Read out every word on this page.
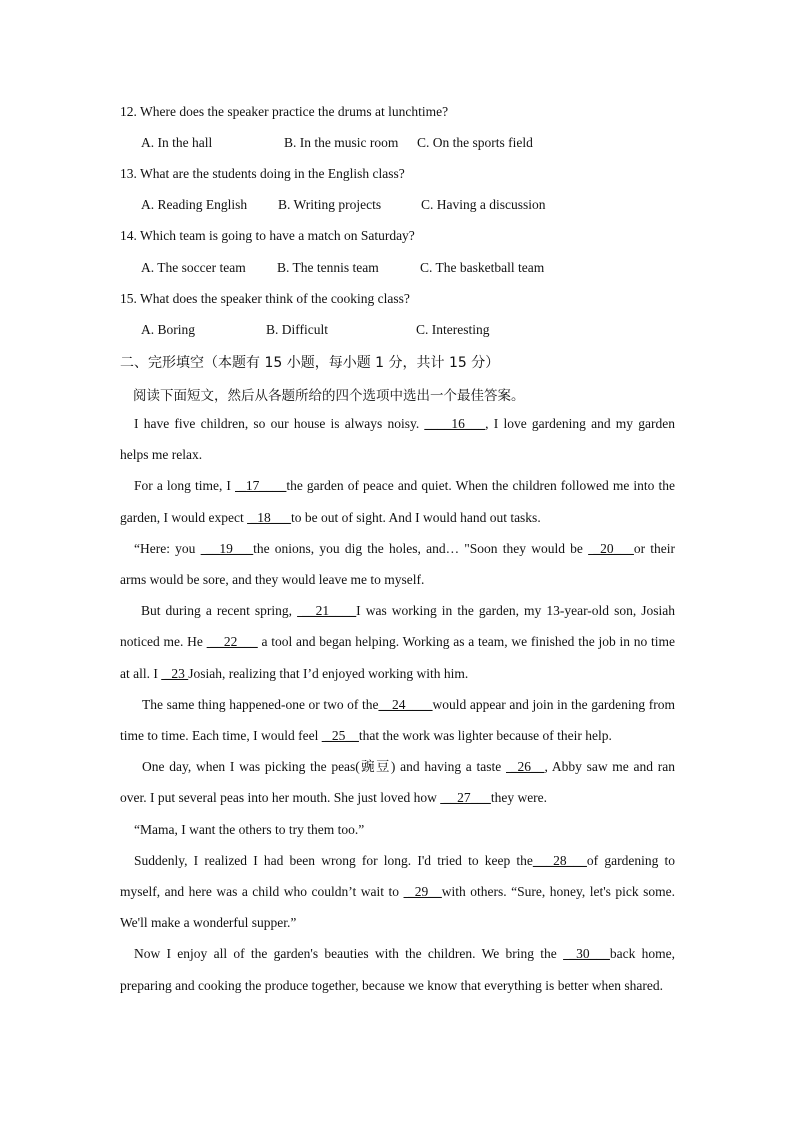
12. Where does the speaker practice the drums at lunchtime?
A. In the hall	B. In the music room C. On the sports field
13. What are the students doing in the English class?
A. Reading English B. Writing projects	C. Having a discussion
14. Which team is going to have a match on Saturday?
A. The soccer team B. The tennis team	C. The basketball team
15. What does the speaker think of the cooking class?
A. Boring	B. Difficult	C. Interesting
二、完形填空（本题有 15 小题，每小题 1 分，共计 15 分）
阅读下面短文，然后从各题所给的四个选项中选出一个最佳答案。

I have five children, so our house is always noisy. ____16___, I love gardening and my garden helps me relax.

For a long time, I  _17____the garden of peace and quiet. When the children followed me into the garden, I would expect  _18___to be out of sight. And I would hand out tasks.

“Here: you  __19___the onions, you dig the holes, and… "Soon they would be  _20___or their arms would be sore, and they would leave me to myself.

But during a recent spring,  __21____I was working in the garden, my 13-year-old son, Josiah noticed me. He  __22___ a tool and began helping. Working as a team, we finished the job in no time at all. I  _23 Josiah, realizing that I’d enjoyed working with him.

The same thing happened-one or two of the__24____would appear and join in the gardening from time to time. Each time, I would feel  _25__that the work was lighter because of their help.

One day, when I was picking the peas(豌豆) and having a taste  _26__, Abby saw me and ran over. I put several peas into her mouth. She just loved how  __27___they were.

“Mama, I want the others to try them too.”

Suddenly, I realized I had been wrong for long. I'd tried to keep the___28___of gardening to myself, and here was a child who couldn’t wait to  _29__with others. “Sure, honey, let's pick some. We'll make a wonderful supper.”

Now I enjoy all of the garden's beauties with the children. We bring the  _30___back home, preparing and cooking the produce together, because we know that everything is better when shared.
